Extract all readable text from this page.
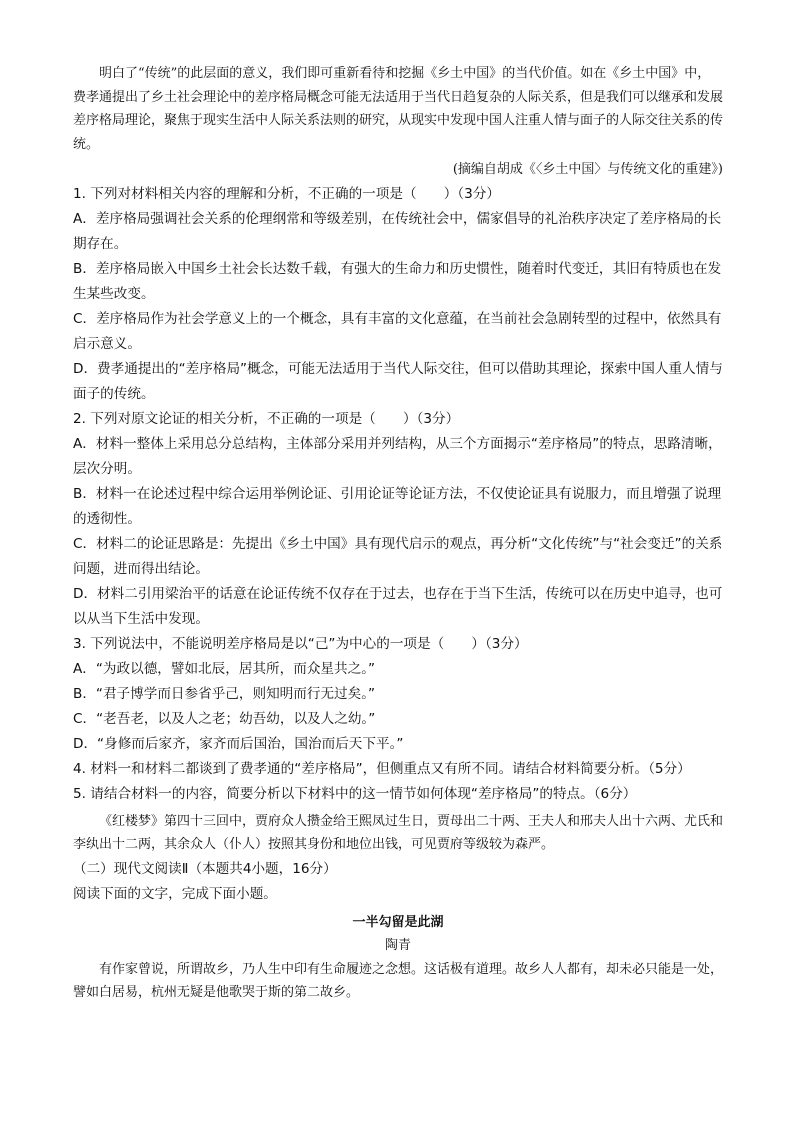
明白了“传统”的此层面的意义，我们即可重新看待和挖掘《乡土中国》的当代价值。如在《乡土中国》中，费孝通提出了乡土社会理论中的差序格局概念可能无法适用于当代日趋复杂的人际关系，但是我们可以继承和发展差序格局理论，聚焦于现实生活中人际关系法则的研究，从现实中发现中国人注重人情与面子的人际交往关系的传统。

(摘编自胡成《〈乡土中国〉与传统文化的重建》)

1. 下列对材料相关内容的理解和分析，不正确的一项是（　　）（3分）

A．差序格局强调社会关系的伦理纲常和等级差别，在传统社会中，儒家倡导的礼治秩序决定了差序格局的长期存在。

B．差序格局嵌入中国乡土社会长达数千载，有强大的生命力和历史惯性，随着时代变迁，其旧有特质也在发生某些改变。

C．差序格局作为社会学意义上的一个概念，具有丰富的文化意蕴，在当前社会急剧转型的过程中，依然具有启示意义。

D．费孝通提出的“差序格局”概念，可能无法适用于当代人际交往，但可以借助其理论，探索中国人重人情与面子的传统。

2. 下列对原文论证的相关分析，不正确的一项是（　　）（3分）

A．材料一整体上采用总分总结构，主体部分采用并列结构，从三个方面揭示“差序格局”的特点，思路清晰，层次分明。

B．材料一在论述过程中综合运用举例论证、引用论证等论证方法，不仅使论证具有说服力，而且增强了说理的透彻性。

C．材料二的论证思路是：先提出《乡土中国》具有现代启示的观点，再分析“文化传统”与“社会变迁”的关系问题，进而得出结论。

D．材料二引用梁治平的话意在论证传统不仅存在于过去，也存在于当下生活，传统可以在历史中追寻，也可以从当下生活中发现。

3. 下列说法中，不能说明差序格局是以“己”为中心的一项是（　　）（3分）

A．“为政以德，譬如北辰，居其所，而众星共之。”

B．“君子博学而日参省乎己，则知明而行无过矣。”

C．“老吾老，以及人之老；幼吾幼，以及人之幼。”

D．“身修而后家齐，家齐而后国治，国治而后天下平。”

4. 材料一和材料二都谈到了费孝通的“差序格局”，但侧重点又有所不同。请结合材料简要分析。（5分）

5. 请结合材料一的内容，简要分析以下材料中的这一情节如何体现“差序格局”的特点。（6分）

《红楼梦》第四十三回中，贾府众人攒金给王熙凤过生日，贾母出二十两、王夫人和邢夫人出十六两、尤氏和李纨出十二两，其余众人（仆人）按照其身份和地位出钱，可见贾府等级较为森严。

（二）现代文阅读Ⅱ（本题共4小题，16分）

阅读下面的文字，完成下面小题。

一半勾留是此湖

陶青

有作家曾说，所谓故乡，乃人生中印有生命履迹之念想。这话极有道理。故乡人人都有，却未必只能是一处，譬如白居易，杭州无疑是他歌哭于斯的第二故乡。
